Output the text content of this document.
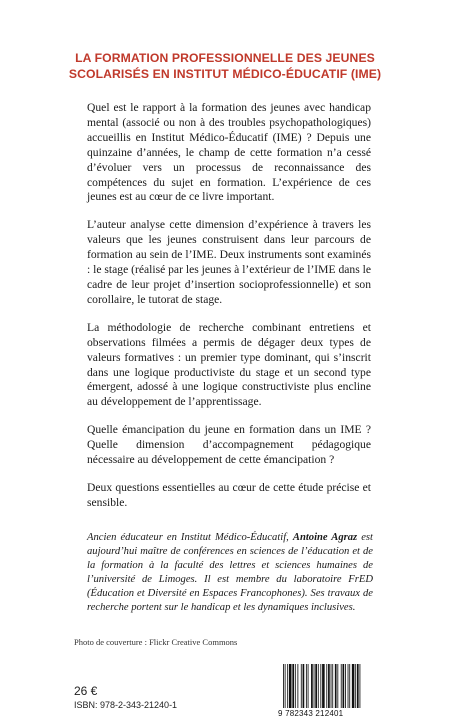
LA FORMATION PROFESSIONNELLE DES JEUNES
SCOLARISÉS EN INSTITUT MÉDICO-ÉDUCATIF (IME)

Quel est le rapport à la formation des jeunes avec handicap mental (associé ou non à des troubles psychopathologiques) accueillis en Institut Médico-Éducatif (IME) ? Depuis une quinzaine d’années, le champ de cette formation n’a cessé d’évoluer vers un processus de reconnaissance des compétences du sujet en formation. L’expérience de ces jeunes est au cœur de ce livre important.

L’auteur analyse cette dimension d’expérience à travers les valeurs que les jeunes construisent dans leur parcours de formation au sein de l’IME. Deux instruments sont examinés : le stage (réalisé par les jeunes à l’extérieur de l’IME dans le cadre de leur projet d’insertion socioprofessionnelle) et son corollaire, le tutorat de stage.

La méthodologie de recherche combinant entretiens et observations filmées a permis de dégager deux types de valeurs formatives : un premier type dominant, qui s’inscrit dans une logique productiviste du stage et un second type émergent, adossé à une logique constructiviste plus encline au développement de l’apprentissage.

Quelle émancipation du jeune en formation dans un IME ? Quelle dimension d’accompagnement pédagogique nécessaire au développement de cette émancipation ?

Deux questions essentielles au cœur de cette étude précise et sensible.

Ancien éducateur en Institut Médico-Éducatif, Antoine Agraz est aujourd’hui maître de conférences en sciences de l’éducation et de la formation à la faculté des lettres et sciences humaines de l’université de Limoges. Il est membre du laboratoire FrED (Éducation et Diversité en Espaces Francophones). Ses travaux de recherche portent sur le handicap et les dynamiques inclusives.

Photo de couverture : Flickr Creative Commons
26 €
ISBN: 978-2-343-21240-1
9 782343 212401
